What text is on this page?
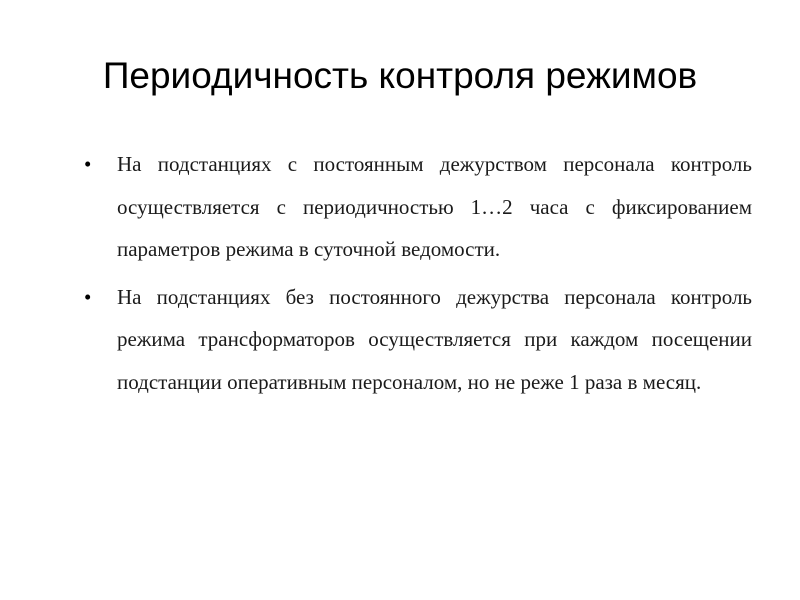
Периодичность контроля режимов
• На подстанциях с постоянным дежурством персонала контроль осуществляется с периодичностью 1…2 часа с фиксированием параметров режима в суточной ведомости.
• На подстанциях без постоянного дежурства персонала контроль режима трансформаторов осуществляется при каждом посещении подстанции оперативным персоналом, но не реже 1 раза в месяц.
